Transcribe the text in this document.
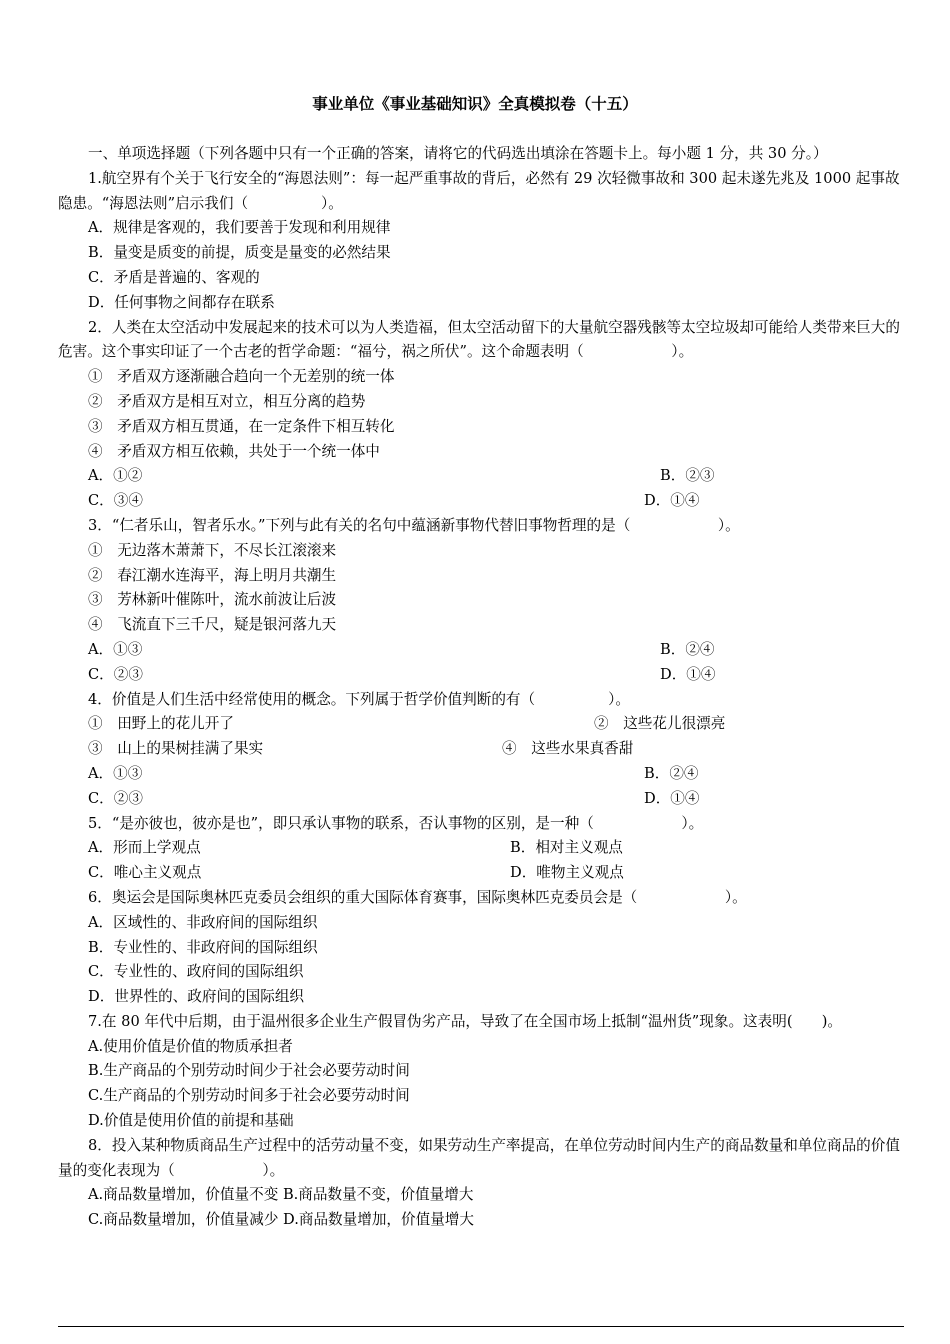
事业单位《事业基础知识》全真模拟卷（十五）

一、单项选择题（下列各题中只有一个正确的答案，请将它的代码选出填涂在答题卡上。每小题 1 分，共 30 分。）

1.航空界有个关于飞行安全的“海恩法则”：每一起严重事故的背后，必然有 29 次轻微事故和 300 起未遂先兆及 1000 起事故隐患。“海恩法则”启示我们（　　　　　）。

A．规律是客观的，我们要善于发现和利用规律

B．量变是质变的前提，质变是量变的必然结果

C．矛盾是普遍的、客观的

D．任何事物之间都存在联系

2．人类在太空活动中发展起来的技术可以为人类造福，但太空活动留下的大量航空器残骸等太空垃圾却可能给人类带来巨大的危害。这个事实印证了一个古老的哲学命题：“福兮，祸之所伏”。这个命题表明（　　　　　　）。

①　矛盾双方逐渐融合趋向一个无差别的统一体

②　矛盾双方是相互对立，相互分离的趋势

③　矛盾双方相互贯通，在一定条件下相互转化

④　矛盾双方相互依赖，共处于一个统一体中

A．①②	B．②③
C．③④	D．①④

3．“仁者乐山，智者乐水。”下列与此有关的名句中蕴涵新事物代替旧事物哲理的是（　　　　　　）。

①　无边落木萧萧下，不尽长江滚滚来

②　春江潮水连海平，海上明月共潮生

③　芳林新叶催陈叶，流水前波让后波

④　飞流直下三千尺，疑是银河落九天

A．①③	B．②④
C．②③	D．①④

4．价值是人们生活中经常使用的概念。下列属于哲学价值判断的有（　　　　　）。

①　田野上的花儿开了	②　这些花儿很漂亮
③　山上的果树挂满了果实	④　这些水果真香甜
A．①③	B．②④
C．②③	D．①④

5．“是亦彼也，彼亦是也”，即只承认事物的联系，否认事物的区别，是一种（　　　　　　）。

A．形而上学观点	B．相对主义观点
C．唯心主义观点	D．唯物主义观点

6．奥运会是国际奥林匹克委员会组织的重大国际体育赛事，国际奥林匹克委员会是（　　　　　　）。

A．区域性的、非政府间的国际组织

B．专业性的、非政府间的国际组织

C．专业性的、政府间的国际组织

D．世界性的、政府间的国际组织

7.在 80 年代中后期，由于温州很多企业生产假冒伪劣产品，导致了在全国市场上抵制“温州货”现象。这表明(　　)。

A.使用价值是价值的物质承担者

B.生产商品的个别劳动时间少于社会必要劳动时间

C.生产商品的个别劳动时间多于社会必要劳动时间

D.价值是使用价值的前提和基础

8．投入某种物质商品生产过程中的活劳动量不变，如果劳动生产率提高，在单位劳动时间内生产的商品数量和单位商品的价值量的变化表现为（　　　　　　）。

A.商品数量增加，价值量不变 B.商品数量不变，价值量增大

C.商品数量增加，价值量减少 D.商品数量增加，价值量增大
